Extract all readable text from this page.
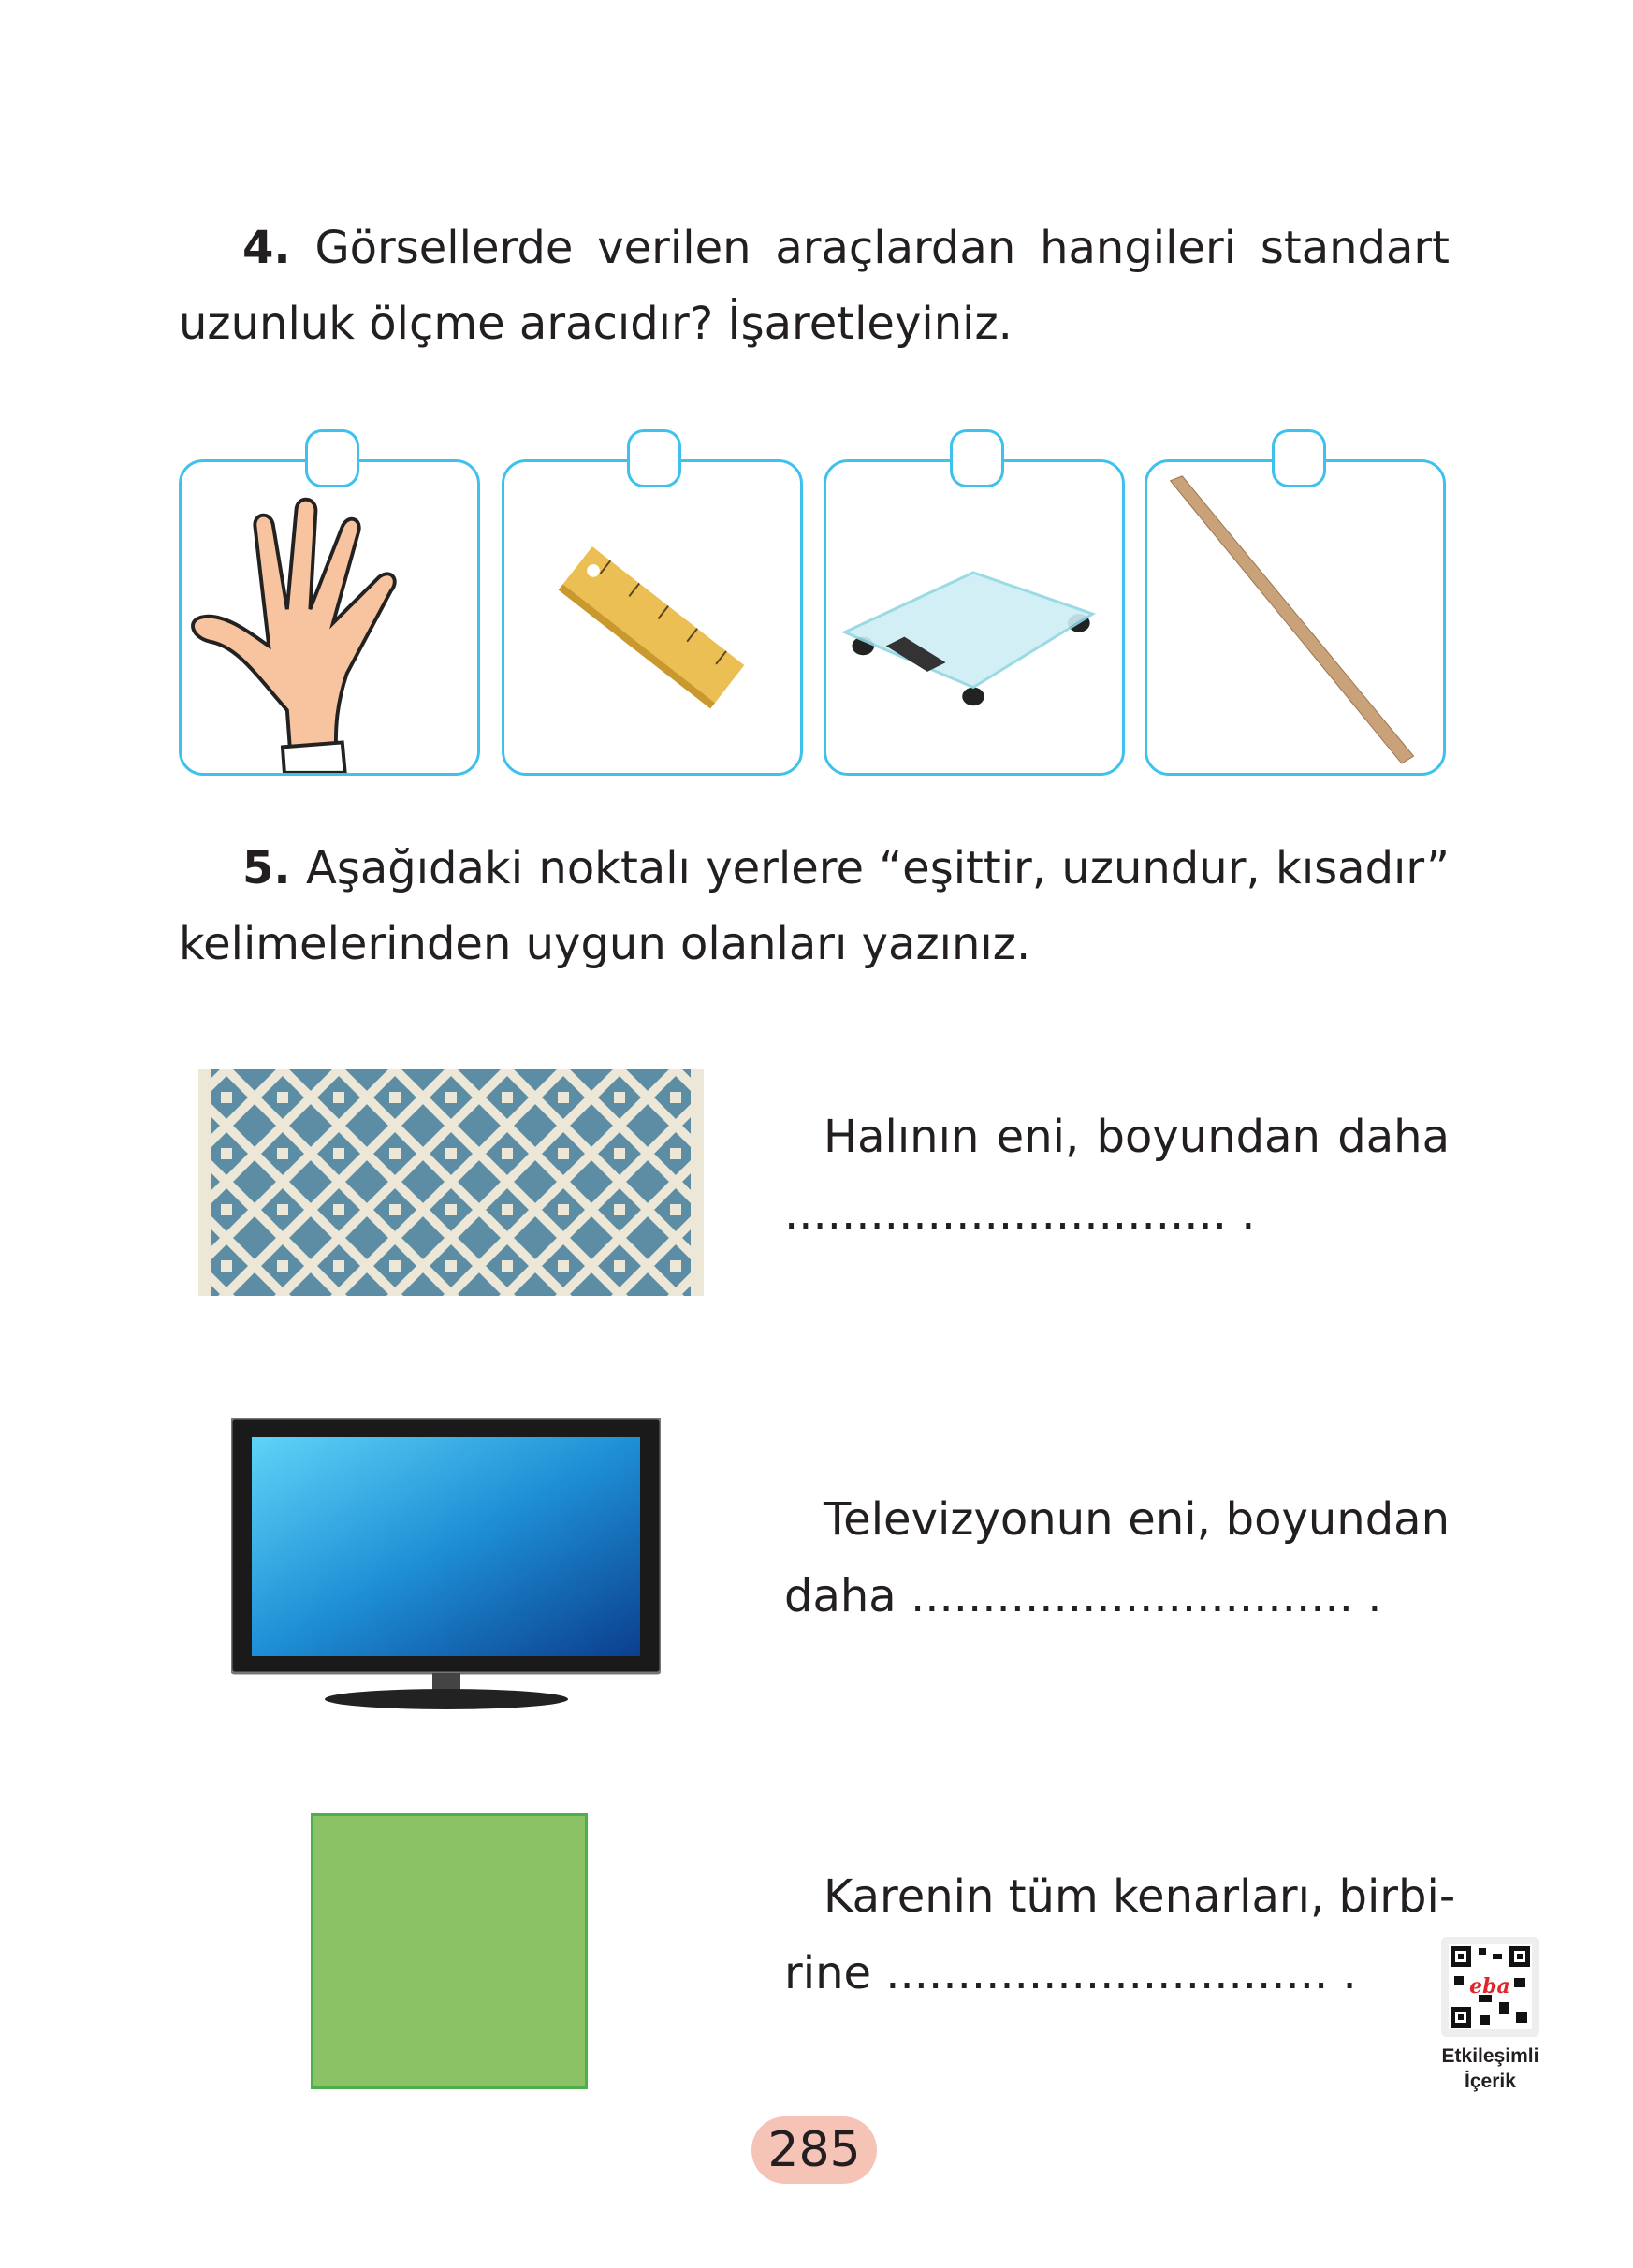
4. Görsellerde verilen araçlardan hangileri standart
uzunluk ölçme aracıdır? İşaretleyiniz.
5. Aşağıdaki noktalı yerlere “eşittir, uzundur, kısadır”
kelimelerinden uygun olanları yazınız.
Halının eni, boyundan daha
............................... .
Televizyonun eni, boyundan
daha ............................... .
Karenin tüm kenarları, birbi-
rine ............................... .	eba
Etkileşimli
İçerik
285
